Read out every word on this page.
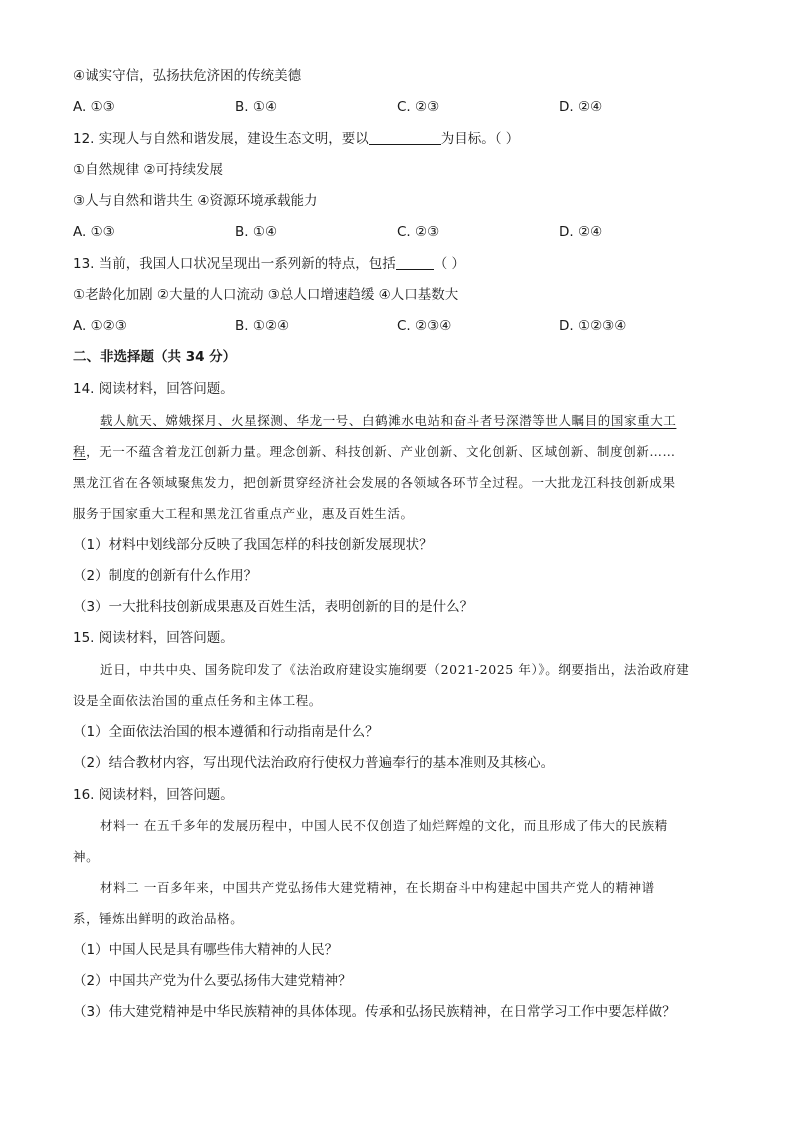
④诚实守信，弘扬扶危济困的传统美德
A. ①③	B. ①④	C. ②③	D. ②④
12. 实现人与自然和谐发展，建设生态文明，要以	为目标。（ ）
①自然规律 ②可持续发展
③人与自然和谐共生 ④资源环境承载能力
A. ①③	B. ①④	C. ②③	D. ②④
13. 当前，我国人口状况呈现出一系列新的特点，包括	（ ）
①老龄化加剧 ②大量的人口流动 ③总人口增速趋缓 ④人口基数大
A. ①②③	B. ①②④	C. ②③④	D. ①②③④
二、非选择题（共 34 分）
14. 阅读材料，回答问题。
载人航天、嫦娥探月、火星探测、华龙一号、白鹤滩水电站和奋斗者号深潜等世人瞩目的国家重大工
程，无一不蕴含着龙江创新力量。理念创新、科技创新、产业创新、文化创新、区域创新、制度创新……
黑龙江省在各领域聚焦发力，把创新贯穿经济社会发展的各领域各环节全过程。一大批龙江科技创新成果
服务于国家重大工程和黑龙江省重点产业，惠及百姓生活。
（1）材料中划线部分反映了我国怎样的科技创新发展现状？
（2）制度的创新有什么作用？
（3）一大批科技创新成果惠及百姓生活，表明创新的目的是什么？
15. 阅读材料，回答问题。
近日，中共中央、国务院印发了《法治政府建设实施纲要（2021-2025 年）》。纲要指出，法治政府建
设是全面依法治国的重点任务和主体工程。
（1）全面依法治国的根本遵循和行动指南是什么？
（2）结合教材内容，写出现代法治政府行使权力普遍奉行的基本准则及其核心。
16. 阅读材料，回答问题。
材料一 在五千多年的发展历程中，中国人民不仅创造了灿烂辉煌的文化，而且形成了伟大的民族精
神。
材料二 一百多年来，中国共产党弘扬伟大建党精神，在长期奋斗中构建起中国共产党人的精神谱
系，锤炼出鲜明的政治品格。
（1）中国人民是具有哪些伟大精神的人民？
（2）中国共产党为什么要弘扬伟大建党精神？
（3）伟大建党精神是中华民族精神的具体体现。传承和弘扬民族精神，在日常学习工作中要怎样做？
